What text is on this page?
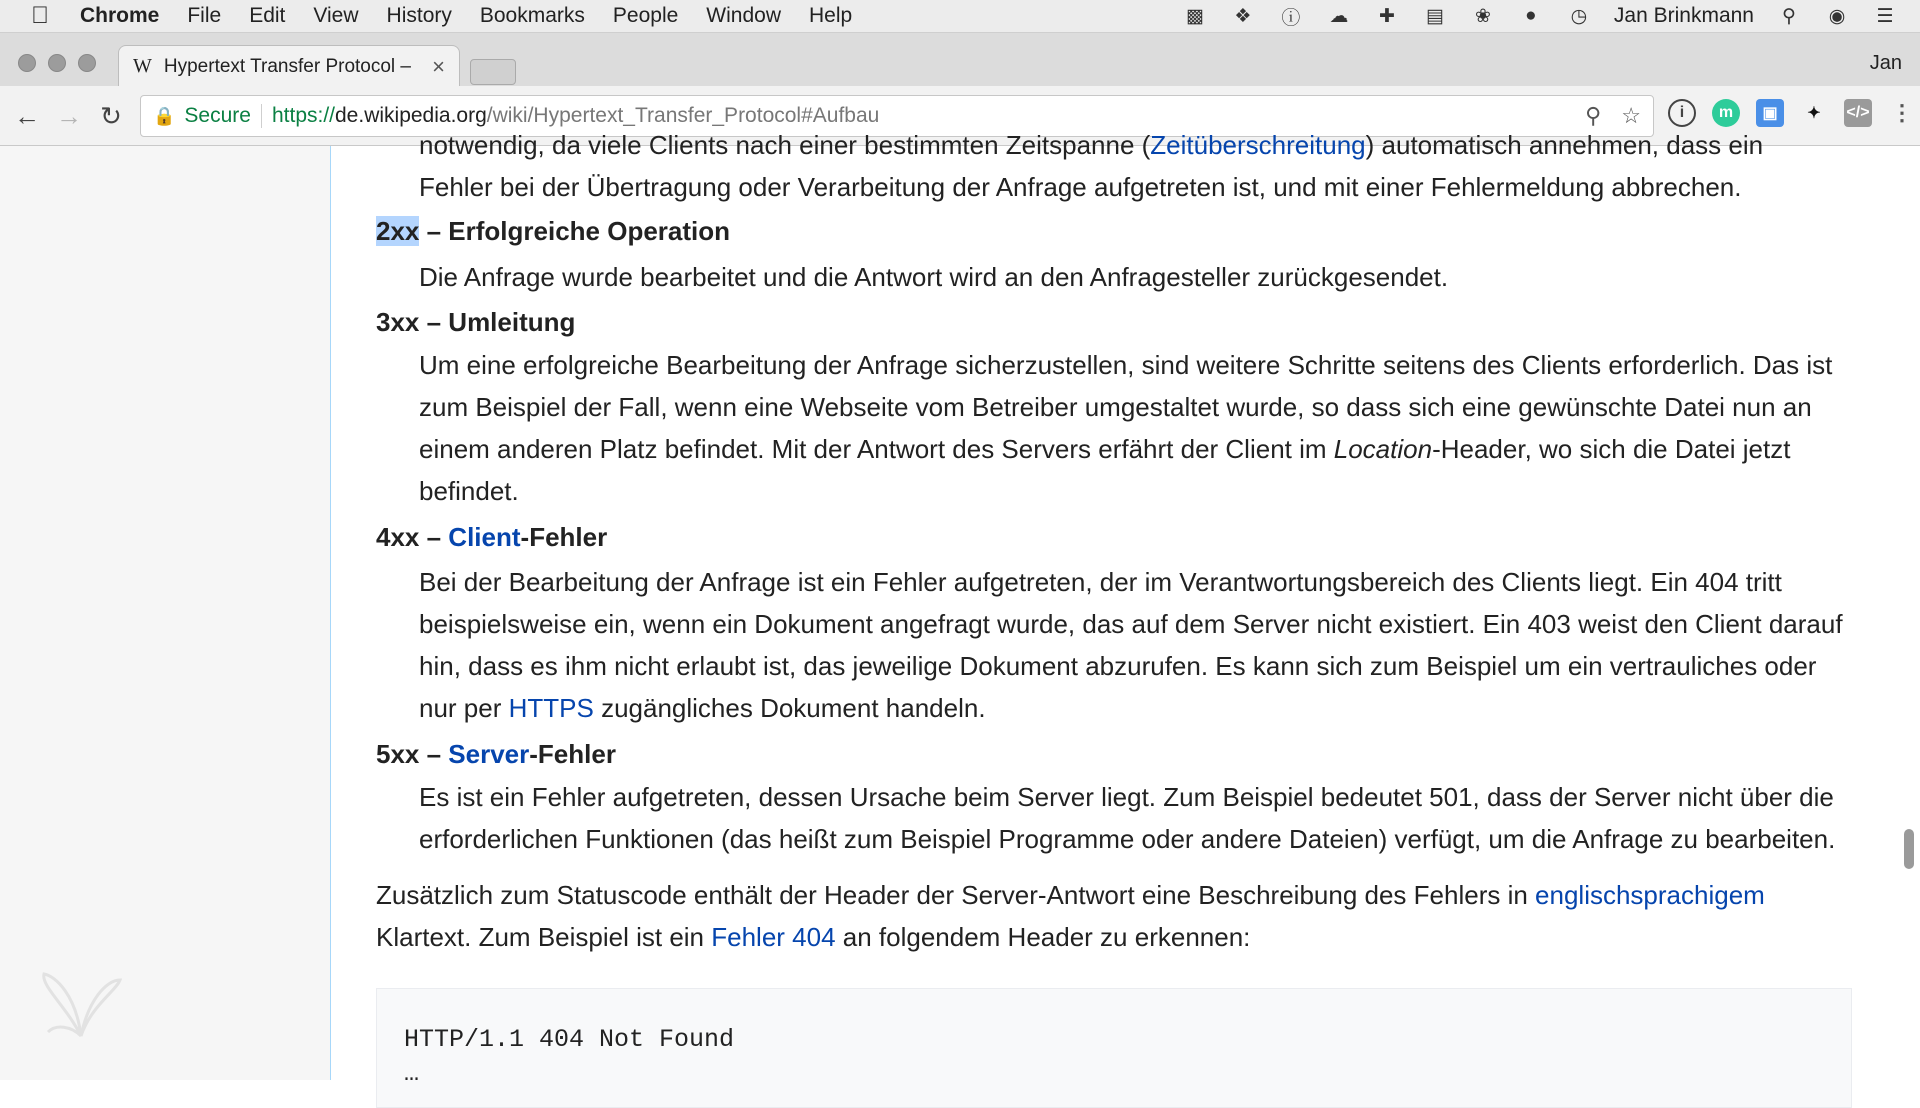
Chrome	File	Edit	View	History	Bookmarks	People	Window	Help	▩ ❖ ⓘ ☁ ✚ ▤ ❀	●	◷ Jan Brinkmann	⚲	◉ ☰
W Hypertext Transfer Protocol – ×	Jan
← → ↻	🔒 Secure https:// de.wikipedia.org /wiki/Hypertext_Transfer_Protocol#Aufbau	⚲ ☆	i	m	▣	✦	</> ⋮

notwendig, da viele Clients nach einer bestimmten Zeitspanne (Zeitüberschreitung) automatisch annehmen, dass ein

Fehler bei der Übertragung oder Verarbeitung der Anfrage aufgetreten ist, und mit einer Fehlermeldung abbrechen.

2xx – Erfolgreiche Operation

Die Anfrage wurde bearbeitet und die Antwort wird an den Anfragesteller zurückgesendet.

3xx – Umleitung

Um eine erfolgreiche Bearbeitung der Anfrage sicherzustellen, sind weitere Schritte seitens des Clients erforderlich. Das ist zum Beispiel der Fall, wenn eine Webseite vom Betreiber umgestaltet wurde, so dass sich eine gewünschte Datei nun an einem anderen Platz befindet. Mit der Antwort des Servers erfährt der Client im Location-Header, wo sich die Datei jetzt befindet.

4xx – Client-Fehler

Bei der Bearbeitung der Anfrage ist ein Fehler aufgetreten, der im Verantwortungsbereich des Clients liegt. Ein 404 tritt beispielsweise ein, wenn ein Dokument angefragt wurde, das auf dem Server nicht existiert. Ein 403 weist den Client darauf hin, dass es ihm nicht erlaubt ist, das jeweilige Dokument abzurufen. Es kann sich zum Beispiel um ein vertrauliches oder nur per HTTPS zugängliches Dokument handeln.

5xx – Server-Fehler

Es ist ein Fehler aufgetreten, dessen Ursache beim Server liegt. Zum Beispiel bedeutet 501, dass der Server nicht über die erforderlichen Funktionen (das heißt zum Beispiel Programme oder andere Dateien) verfügt, um die Anfrage zu bearbeiten.

Zusätzlich zum Statuscode enthält der Header der Server-Antwort eine Beschreibung des Fehlers in englischsprachigem Klartext. Zum Beispiel ist ein Fehler 404 an folgendem Header zu erkennen:

HTTP/1.1 404 Not Found
…
